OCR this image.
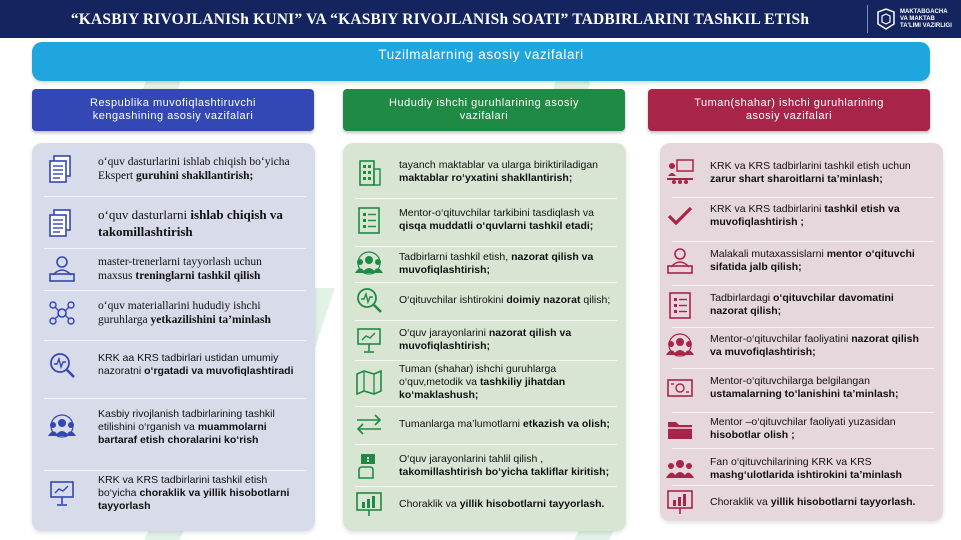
“KASBIY RIVOJLANISh KUNI” VA “KASBIY RIVOJLANISh SOATI” TADBIRLARINI TAShKIL ETISh	MAKTABGACHA
VA MAKTAB
TA'LIMI VAZIRLIGI
Tuzilmalarning asosiy vazifalari
Respublika muvofiqlashtiruvchi kengashining asosiy vazifalari
Hududiy ishchi guruhlarining asosiy vazifalari
Tuman(shahar) ishchi guruhlarining asosiy vazifalari
o‘quv dasturlarini ishlab chiqish bo‘yicha Ekspert guruhini shakllantirish;
o‘quv dasturlarni ishlab chiqish va takomillashtirish
master-trenerlarni tayyorlash uchun maxsus treninglarni tashkil qilish
o‘quv materiallarini hududiy ishchi guruhlarga yetkazilishini ta’minlash
KRK aa KRS tadbirlari ustidan umumiy nazoratni o‘rgatadi va muvofiqlashtiradi
Kasbiy rivojlanish tadbirlarining tashkil etilishini o‘rganish va muammolarni bartaraf etish choralarini ko‘rish
KRK va KRS tadbirlarini tashkil etish bo‘yicha choraklik va yillik hisobotlarni tayyorlash
tayanch maktablar va ularga biriktiriladigan maktablar ro‘yxatini shakllantirish;
Mentor-o‘qituvchilar tarkibini tasdiqlash va qisqa muddatli o‘quvlarni tashkil etadi;
Tadbirlarni tashkil etish, nazorat qilish va muvofiqlashtirish;
O‘qituvchilar ishtirokini doimiy nazorat qilish;
O‘quv jarayonlarini nazorat qilish va muvofiqlashtirish;
Tuman (shahar) ishchi guruhlarga o‘quv,metodik va tashkiliy jihatdan ko‘maklashush;
Tumanlarga ma’lumotlarni etkazish va olish;
O‘quv jarayonlarini tahlil qilish , takomillashtirish bo‘yicha takliflar kiritish;
Choraklik va yillik hisobotlarni tayyorlash.
KRK va KRS tadbirlarini tashkil etish uchun zarur shart sharoitlarni ta’minlash;
KRK va KRS tadbirlarini tashkil etish va muvofiqlashtirish ;
Malakali mutaxassislarni mentor o‘qituvchi sifatida jalb qilish;
Tadbirlardagi o‘qituvchilar davomatini nazorat qilish;
Mentor-o‘qituvchilar faoliyatini nazorat qilish va muvofiqlashtirish;
Mentor-o‘qituvchilarga belgilangan ustamalarning to‘lanishini ta’minlash;
Mentor –o‘qituvchilar faoliyati yuzasidan hisobotlar olish ;
Fan o‘qituvchilarining KRK va KRS mashg‘ulotlarida ishtirokini ta’minlash
Choraklik va yillik hisobotlarni tayyorlash.
